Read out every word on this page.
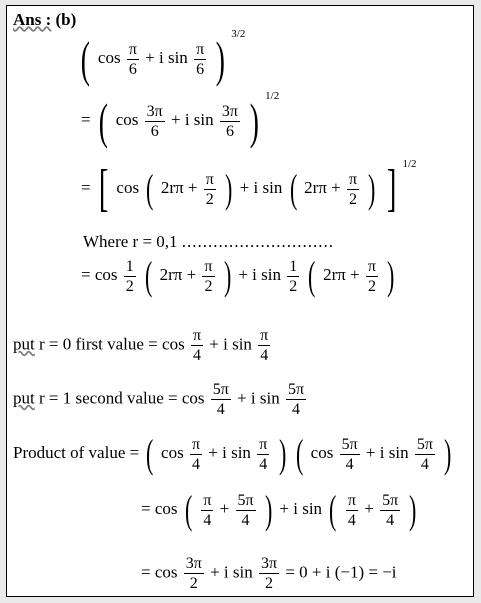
Ans : (b)
( $\cos \frac{\pi}{6} + i$ $\sin \frac{\pi}{6}$ ) $^{3/2}$
= ( $\cos \frac{3\pi}{6} + i$ $\sin \frac{3\pi}{6}$ ) $^{1/2}$
= [ cos ( $2r\pi + \frac{\pi}{2}$ ) + i sin ( $2r\pi + \frac{\pi}{2}$ ) ] $^{1/2}$
Where r = 0,1 .............................
= $\cos \frac{1}{2}$ ( $2r\pi + \frac{\pi}{2}$ ) + i $\sin \frac{1}{2}$ ( $2r\pi + \frac{\pi}{2}$ )
put r = 0 first value = $\cos \frac{\pi}{4} + i$ $\sin \frac{\pi}{4}$
put r = 1 second value = $\cos \frac{5\pi}{4} + i$ $\sin \frac{5\pi}{4}$
Product of value = ( $\cos \frac{\pi}{4} + i$ $\sin \frac{\pi}{4}$ ) ( $\cos \frac{5\pi}{4} + i$ $\sin \frac{5\pi}{4}$ )
= cos ( $\frac{\pi}{4} + \frac{5\pi}{4}$ ) + i sin ( $\frac{\pi}{4} + \frac{5\pi}{4}$ )
= $\cos \frac{3\pi}{2} + i$ $\sin \frac{3\pi}{2} = 0 + i$ (−1) = −i
